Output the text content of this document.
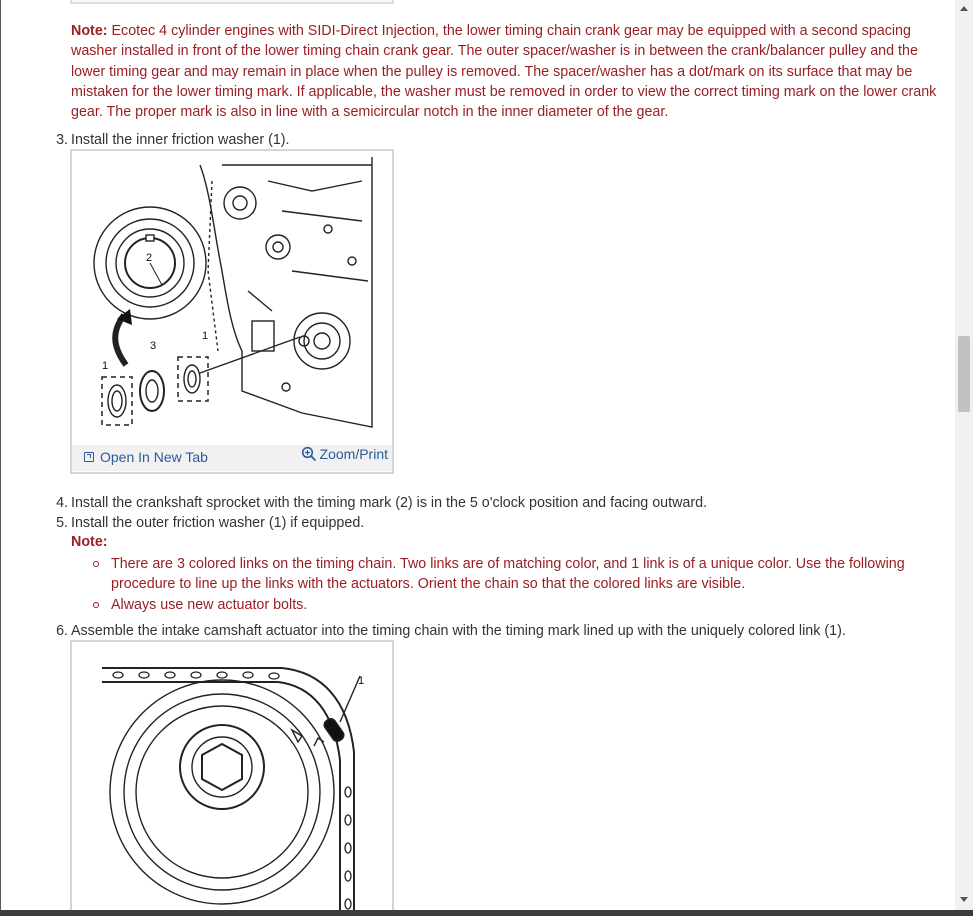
Note: Ecotec 4 cylinder engines with SIDI-Direct Injection, the lower timing chain crank gear may be equipped with a second spacing washer installed in front of the lower timing chain crank gear. The outer spacer/washer is in between the crank/balancer pulley and the lower timing gear and may remain in place when the pulley is removed. The spacer/washer has a dot/mark on its surface that may be mistaken for the lower timing mark. If applicable, the washer must be removed in order to view the correct timing mark on the lower crank gear. The proper mark is also in line with a semicircular notch in the inner diameter of the gear.
3. Install the inner friction washer (1).
2
3
1
1
Open In New Tab	Zoom/Print
4. Install the crankshaft sprocket with the timing mark (2) is in the 5 o'clock position and facing outward.
5. Install the outer friction washer (1) if equipped.
Note:
There are 3 colored links on the timing chain. Two links are of matching color, and 1 link is of a unique color. Use the following procedure to line up the links with the actuators. Orient the chain so that the colored links are visible.
Always use new actuator bolts.
6. Assemble the intake camshaft actuator into the timing chain with the timing mark lined up with the uniquely colored link (1).
1
